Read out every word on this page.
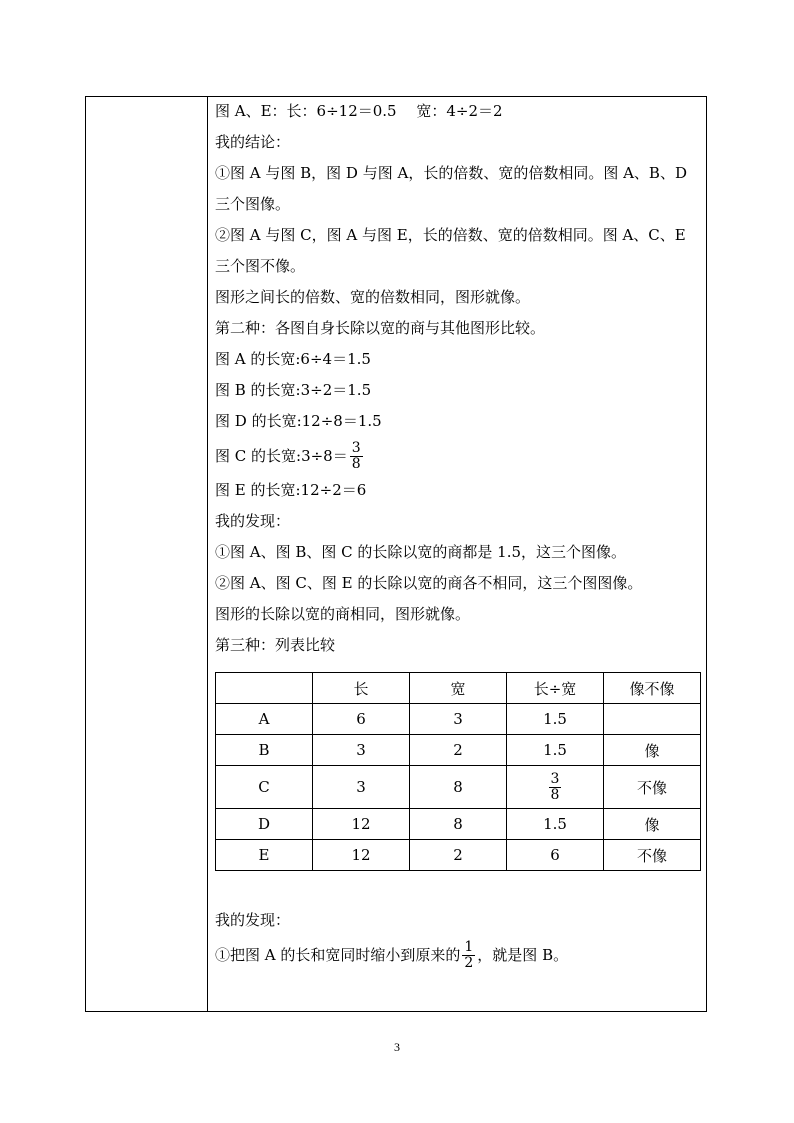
图 A、E：长：6÷12＝0.5　 宽：4÷2＝2
我的结论：
①图 A 与图 B，图 D 与图 A，长的倍数、宽的倍数相同。图 A、B、D 三个图像。
②图 A 与图 C，图 A 与图 E，长的倍数、宽的倍数相同。图 A、C、E 三个图不像。
图形之间长的倍数、宽的倍数相同，图形就像。
第二种：各图自身长除以宽的商与其他图形比较。
图 A 的长宽:6÷4＝1.5
图 B 的长宽:3÷2＝1.5
图 D 的长宽:12÷8＝1.5
图 C 的长宽:3÷8＝ $\frac{3}{8}$
图 E 的长宽:12÷2＝6
我的发现：
①图 A、图 B、图 C 的长除以宽的商都是 1.5，这三个图像。
②图 A、图 C、图 E 的长除以宽的商各不相同，这三个图图像。
图形的长除以宽的商相同，图形就像。
第三种：列表比较
	长	宽	长÷宽	像不像
A	6	3	1.5	
B	3	2	1.5	像
C	3	8	$\frac{3}{8}$	不像
D	12	8	1.5	像
E	12	2	6	不像
我的发现：
①把图 A 的长和宽同时缩小到原来的 $\frac{1}{2}$ ，就是图 B。
3
